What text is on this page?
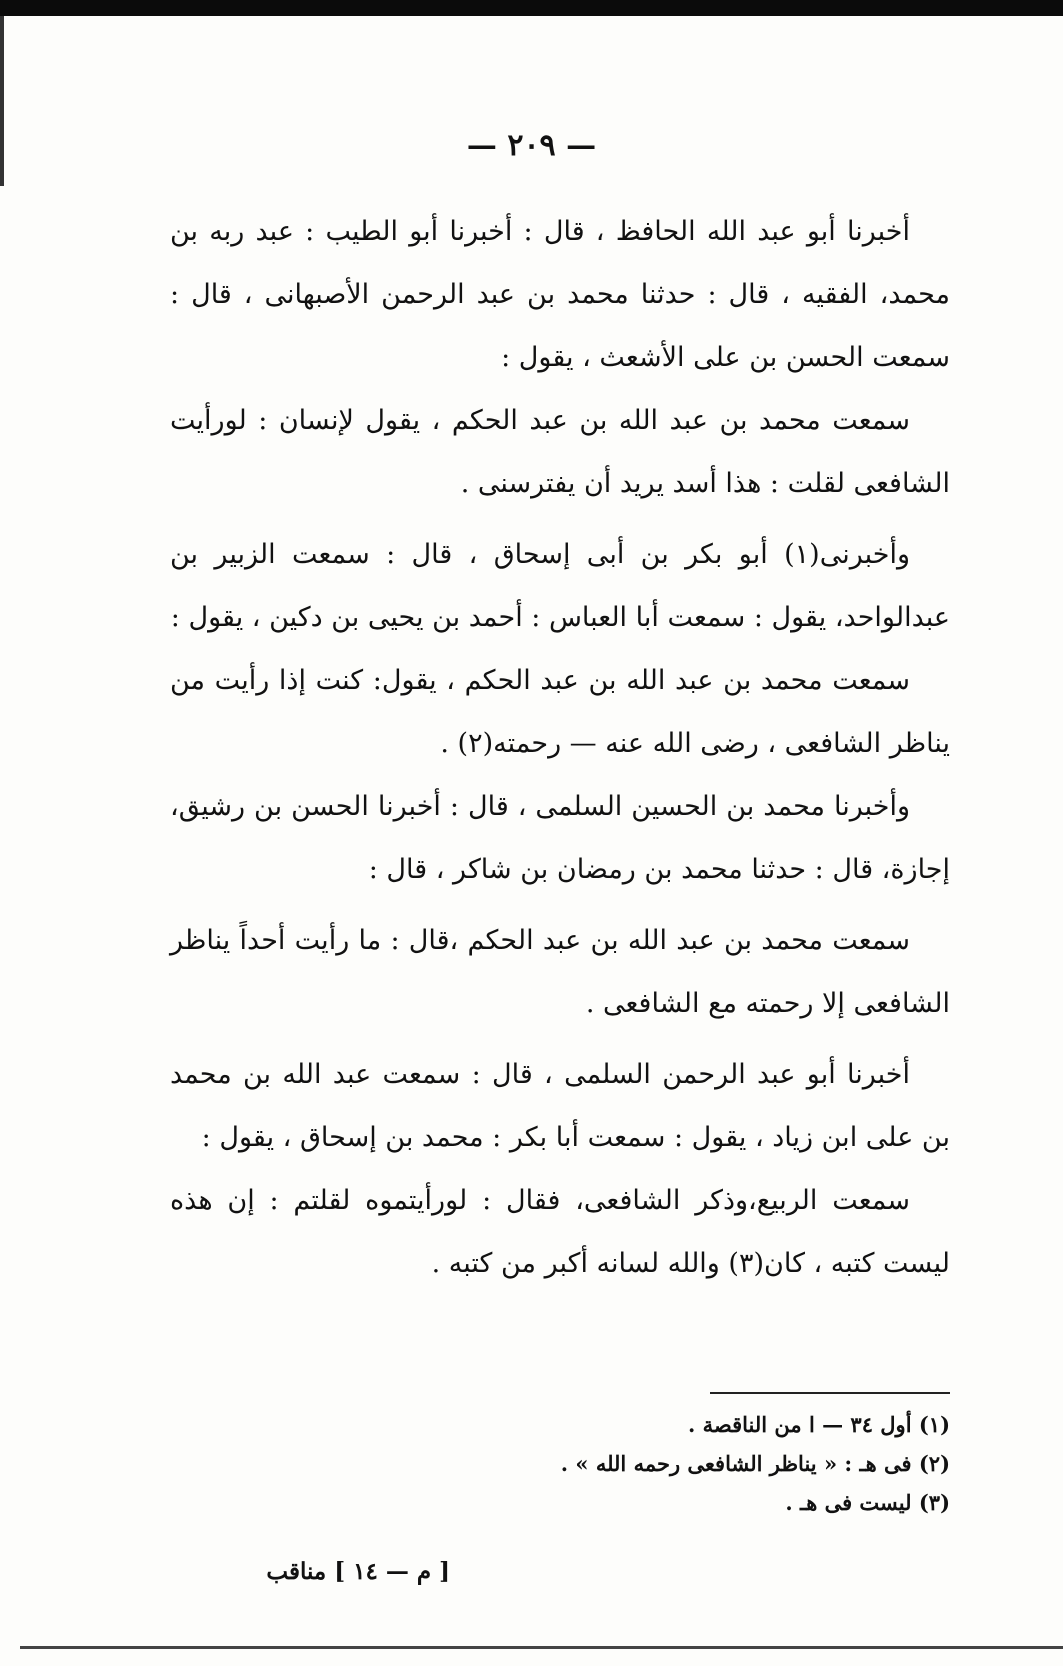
— ٢٠٩ —

أخبرنا أبو عبد الله الحافظ ، قال : أخبرنا أبو الطيب : عبد ربه بن محمد، الفقيه ، قال : حدثنا محمد بن عبد الرحمن الأصبهانى ، قال : سمعت الحسن بن على الأشعث ، يقول :

سمعت محمد بن عبد الله بن عبد الحكم ، يقول لإنسان : لورأيت الشافعى لقلت : هذا أسد يريد أن يفترسنى .

وأخبرنى(١) أبو بكر بن أبى إسحاق ، قال : سمعت الزبير بن عبدالواحد، يقول : سمعت أبا العباس : أحمد بن يحيى بن دكين ، يقول :

سمعت محمد بن عبد الله بن عبد الحكم ، يقول: كنت إذا رأيت من يناظر الشافعى ، رضى الله عنه — رحمته(٢) .

وأخبرنا محمد بن الحسين السلمى ، قال : أخبرنا الحسن بن رشيق، إجازة، قال : حدثنا محمد بن رمضان بن شاكر ، قال :

سمعت محمد بن عبد الله بن عبد الحكم ،قال : ما رأيت أحداً يناظر الشافعى إلا رحمته مع الشافعى .

أخبرنا أبو عبد الرحمن السلمى ، قال : سمعت عبد الله بن محمد بن على ابن زياد ، يقول : سمعت أبا بكر : محمد بن إسحاق ، يقول :

سمعت الربيع،وذكر الشافعى، فقال : لورأيتموه لقلتم : إن هذه ليست كتبه ، كان(٣) والله لسانه أكبر من كتبه .

(١) أول ٣٤ — ا من الناقصة .

(٢) فى هـ : « يناظر الشافعى رحمه الله » .

(٣) ليست فى هـ .

[ م — ١٤ ] مناقب
